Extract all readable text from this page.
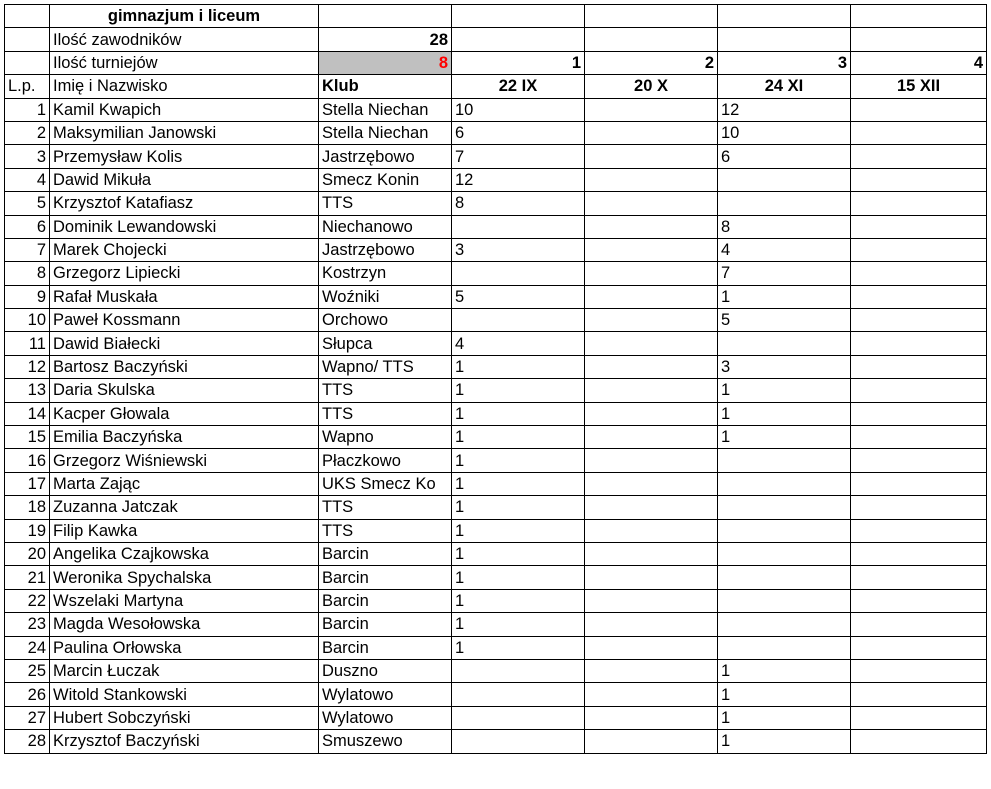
	gimnazjum i liceum					
	Ilość zawodników	28				
	Ilość turniejów	8	1	2	3	4
L.p.	Imię i Nazwisko	Klub	22 IX	20 X	24 XI	15 XII
1	Kamil Kwapich	Stella Niechan	10		12	
2	Maksymilian Janowski	Stella Niechan	6		10	
3	Przemysław Kolis	Jastrzębowo	7		6	
4	Dawid Mikuła	Smecz Konin	12			
5	Krzysztof Katafiasz	TTS	8			
6	Dominik Lewandowski	Niechanowo			8	
7	Marek Chojecki	Jastrzębowo	3		4	
8	Grzegorz Lipiecki	Kostrzyn			7	
9	Rafał Muskała	Woźniki	5		1	
10	Paweł Kossmann	Orchowo			5	
11	Dawid Białecki	Słupca	4			
12	Bartosz Baczyński	Wapno/ TTS	1		3	
13	Daria Skulska	TTS	1		1	
14	Kacper Głowala	TTS	1		1	
15	Emilia Baczyńska	Wapno	1		1	
16	Grzegorz Wiśniewski	Płaczkowo	1			
17	Marta Zając	UKS Smecz Ko	1			
18	Zuzanna Jatczak	TTS	1			
19	Filip Kawka	TTS	1			
20	Angelika Czajkowska	Barcin	1			
21	Weronika Spychalska	Barcin	1			
22	Wszelaki Martyna	Barcin	1			
23	Magda Wesołowska	Barcin	1			
24	Paulina Orłowska	Barcin	1			
25	Marcin Łuczak	Duszno			1	
26	Witold Stankowski	Wylatowo			1	
27	Hubert Sobczyński	Wylatowo			1	
28	Krzysztof Baczyński	Smuszewo			1	
